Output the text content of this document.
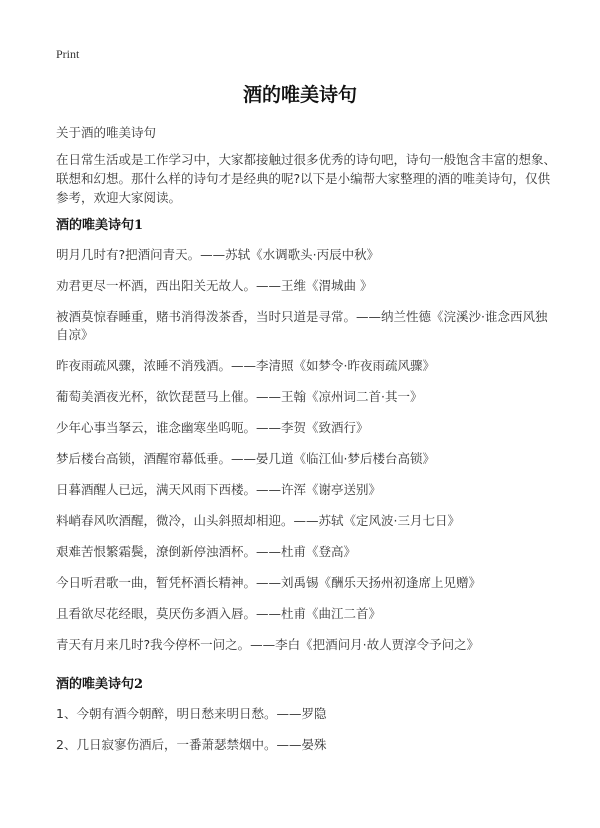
Print
酒的唯美诗句
关于酒的唯美诗句
在日常生活或是工作学习中，大家都接触过很多优秀的诗句吧，诗句一般饱含丰富的想象、联想和幻想。那什么样的诗句才是经典的呢?以下是小编帮大家整理的酒的唯美诗句，仅供参考，欢迎大家阅读。
酒的唯美诗句1
明月几时有?把酒问青天。——苏轼《水调歌头·丙辰中秋》
劝君更尽一杯酒，西出阳关无故人。——王维《渭城曲 》
被酒莫惊春睡重，赌书消得泼茶香，当时只道是寻常。——纳兰性德《浣溪沙·谁念西风独自凉》
昨夜雨疏风骤，浓睡不消残酒。——李清照《如梦令·昨夜雨疏风骤》
葡萄美酒夜光杯，欲饮琵琶马上催。——王翰《凉州词二首·其一》
少年心事当拏云，谁念幽寒坐呜呃。——李贺《致酒行》
梦后楼台高锁，酒醒帘幕低垂。——晏几道《临江仙·梦后楼台高锁》
日暮酒醒人已远，满天风雨下西楼。——许浑《谢亭送别》
料峭春风吹酒醒，微冷，山头斜照却相迎。——苏轼《定风波·三月七日》
艰难苦恨繁霜鬓，潦倒新停浊酒杯。——杜甫《登高》
今日听君歌一曲，暂凭杯酒长精神。——刘禹锡《酬乐天扬州初逢席上见赠》
且看欲尽花经眼，莫厌伤多酒入唇。——杜甫《曲江二首》
青天有月来几时?我今停杯一问之。——李白《把酒问月·故人贾淳令予问之》
酒的唯美诗句2
1、今朝有酒今朝醉，明日愁来明日愁。——罗隐
2、几日寂寥伤酒后，一番萧瑟禁烟中。——晏殊
